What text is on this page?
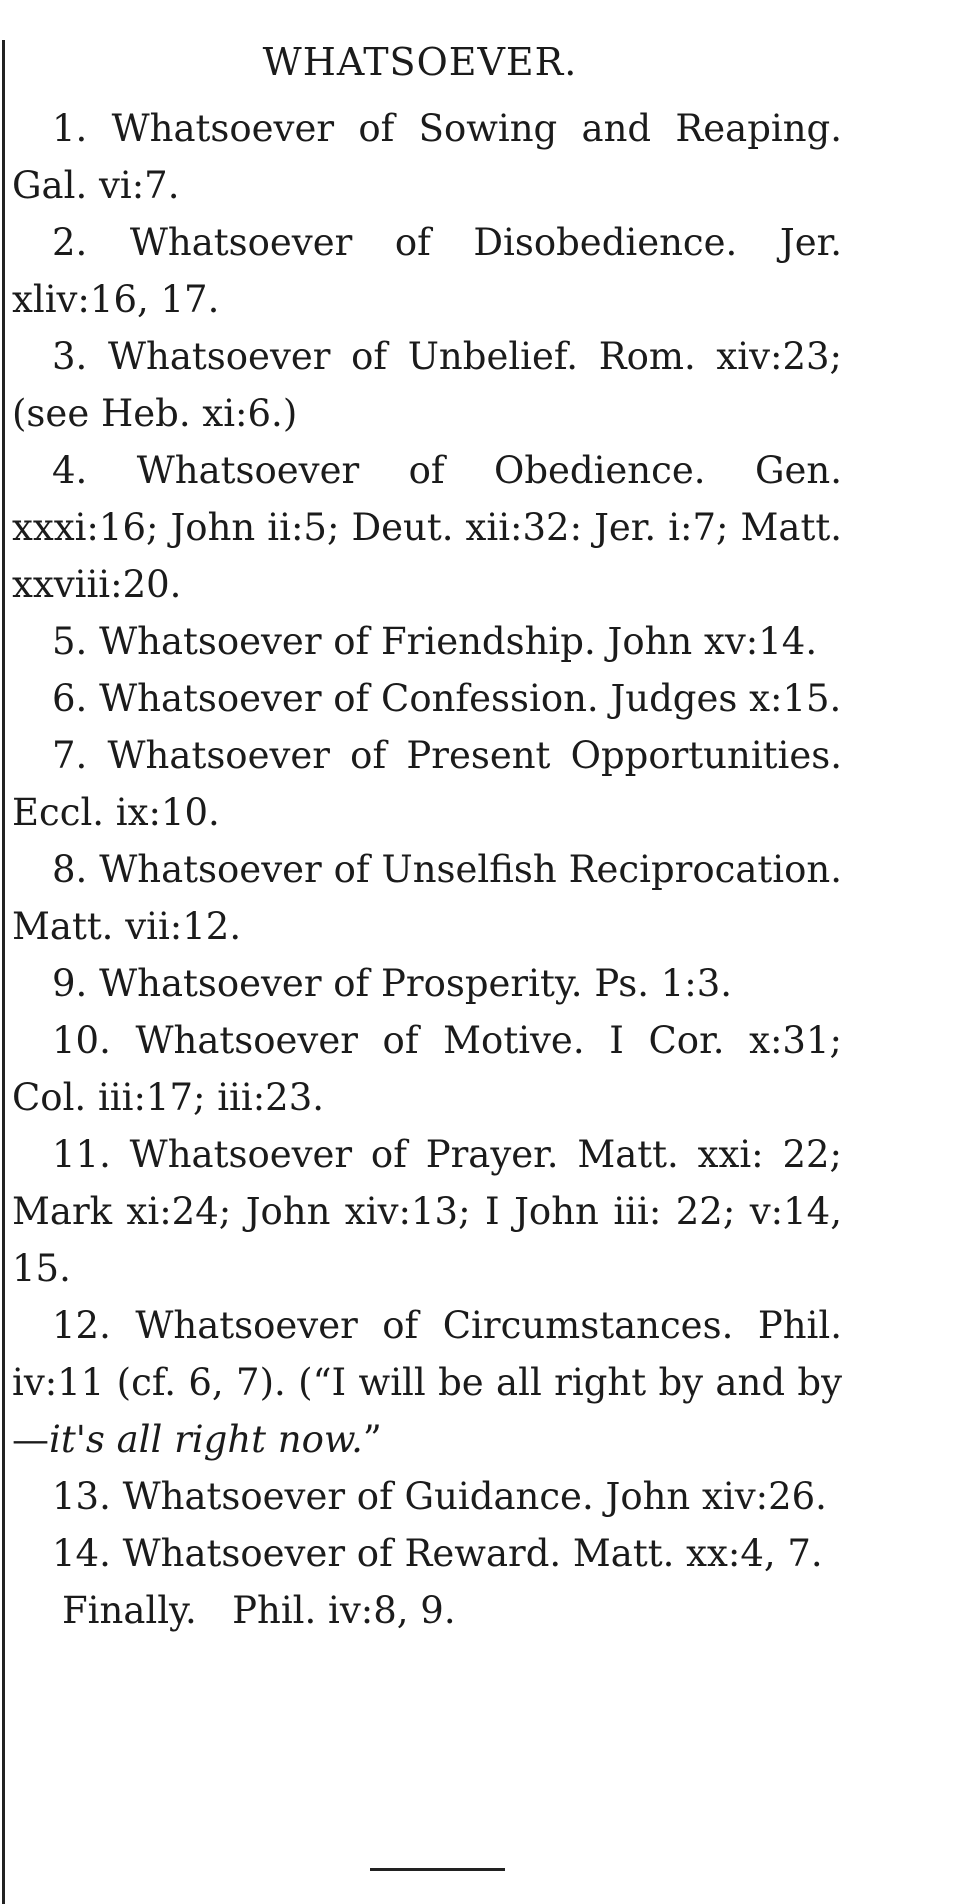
WHATSOEVER.

1. Whatsoever of Sowing and Reaping. Gal. vi:7.

2. Whatsoever of Disobedience. Jer. xliv:16, 17.

3. Whatsoever of Unbelief. Rom. xiv:23; (see Heb. xi:6.)

4. Whatsoever of Obedience. Gen. xxxi:16; John ii:5; Deut. xii:32: Jer. i:7; Matt. xxviii:20.

5. Whatsoever of Friendship. John xv:14.

6. Whatsoever of Confession. Judges x:15.

7. Whatsoever of Present Opportunities. Eccl. ix:10.

8. Whatsoever of Unselfish Reciprocation. Matt. vii:12.

9. Whatsoever of Prosperity. Ps. 1:3.

10. Whatsoever of Motive. I Cor. x:31; Col. iii:17; iii:23.

11. Whatsoever of Prayer. Matt. xxi: 22; Mark xi:24; John xiv:13; I John iii: 22; v:14, 15.

12. Whatsoever of Circumstances. Phil. iv:11 (cf. 6, 7). (“I will be all right by and by—it's all right now.”

13. Whatsoever of Guidance. John xiv:26.

14. Whatsoever of Reward. Matt. xx:4, 7.

Finally. Phil. iv:8, 9.
